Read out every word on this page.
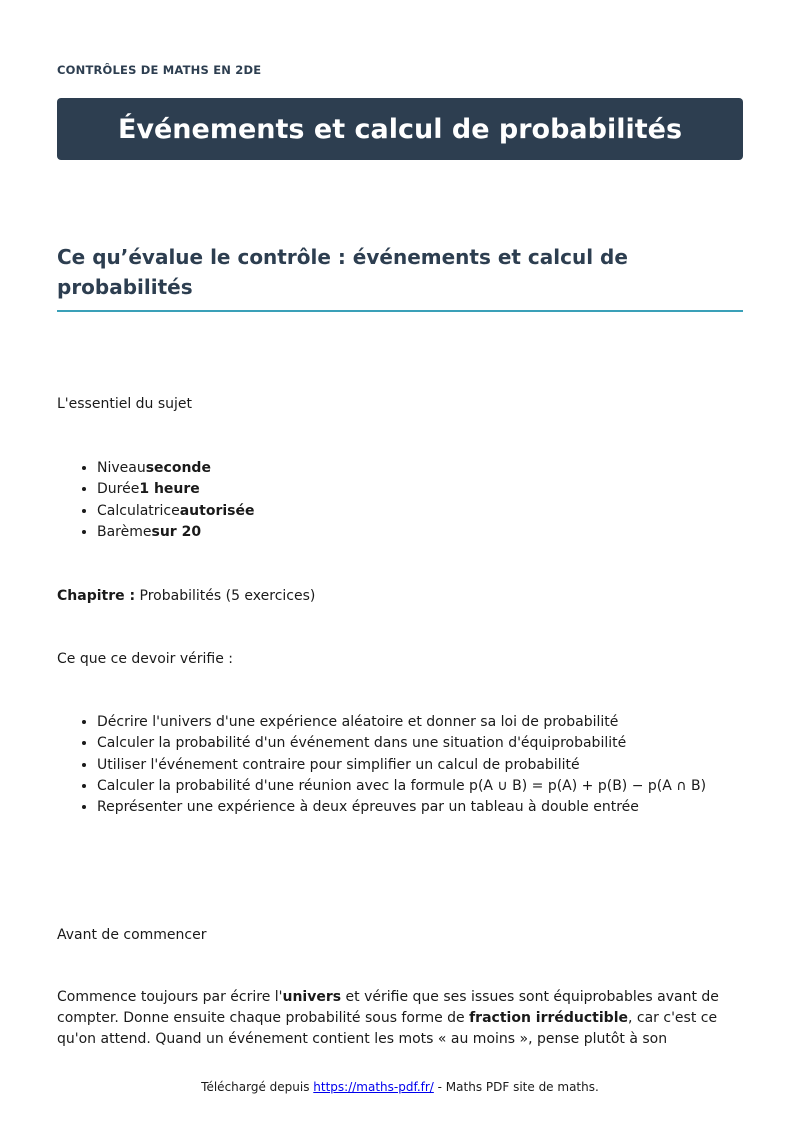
CONTRÔLES DE MATHS EN 2DE
Événements et calcul de probabilités
Ce qu’évalue le contrôle : événements et calcul de probabilités
L'essentiel du sujet
• Niveauseconde
• Durée1 heure
• Calculatriceautorisée
• Barèmesur 20
Chapitre : Probabilités (5 exercices)
Ce que ce devoir vérifie :
• Décrire l'univers d'une expérience aléatoire et donner sa loi de probabilité
• Calculer la probabilité d'un événement dans une situation d'équiprobabilité
• Utiliser l'événement contraire pour simplifier un calcul de probabilité
• Calculer la probabilité d'une réunion avec la formule p(A ∪ B) = p(A) + p(B) − p(A ∩ B)
• Représenter une expérience à deux épreuves par un tableau à double entrée
Avant de commencer
Commence toujours par écrire l'univers et vérifie que ses issues sont équiprobables avant de compter. Donne ensuite chaque probabilité sous forme de fraction irréductible, car c'est ce qu'on attend. Quand un événement contient les mots « au moins », pense plutôt à son
Téléchargé depuis https://maths-pdf.fr/ - Maths PDF site de maths.
